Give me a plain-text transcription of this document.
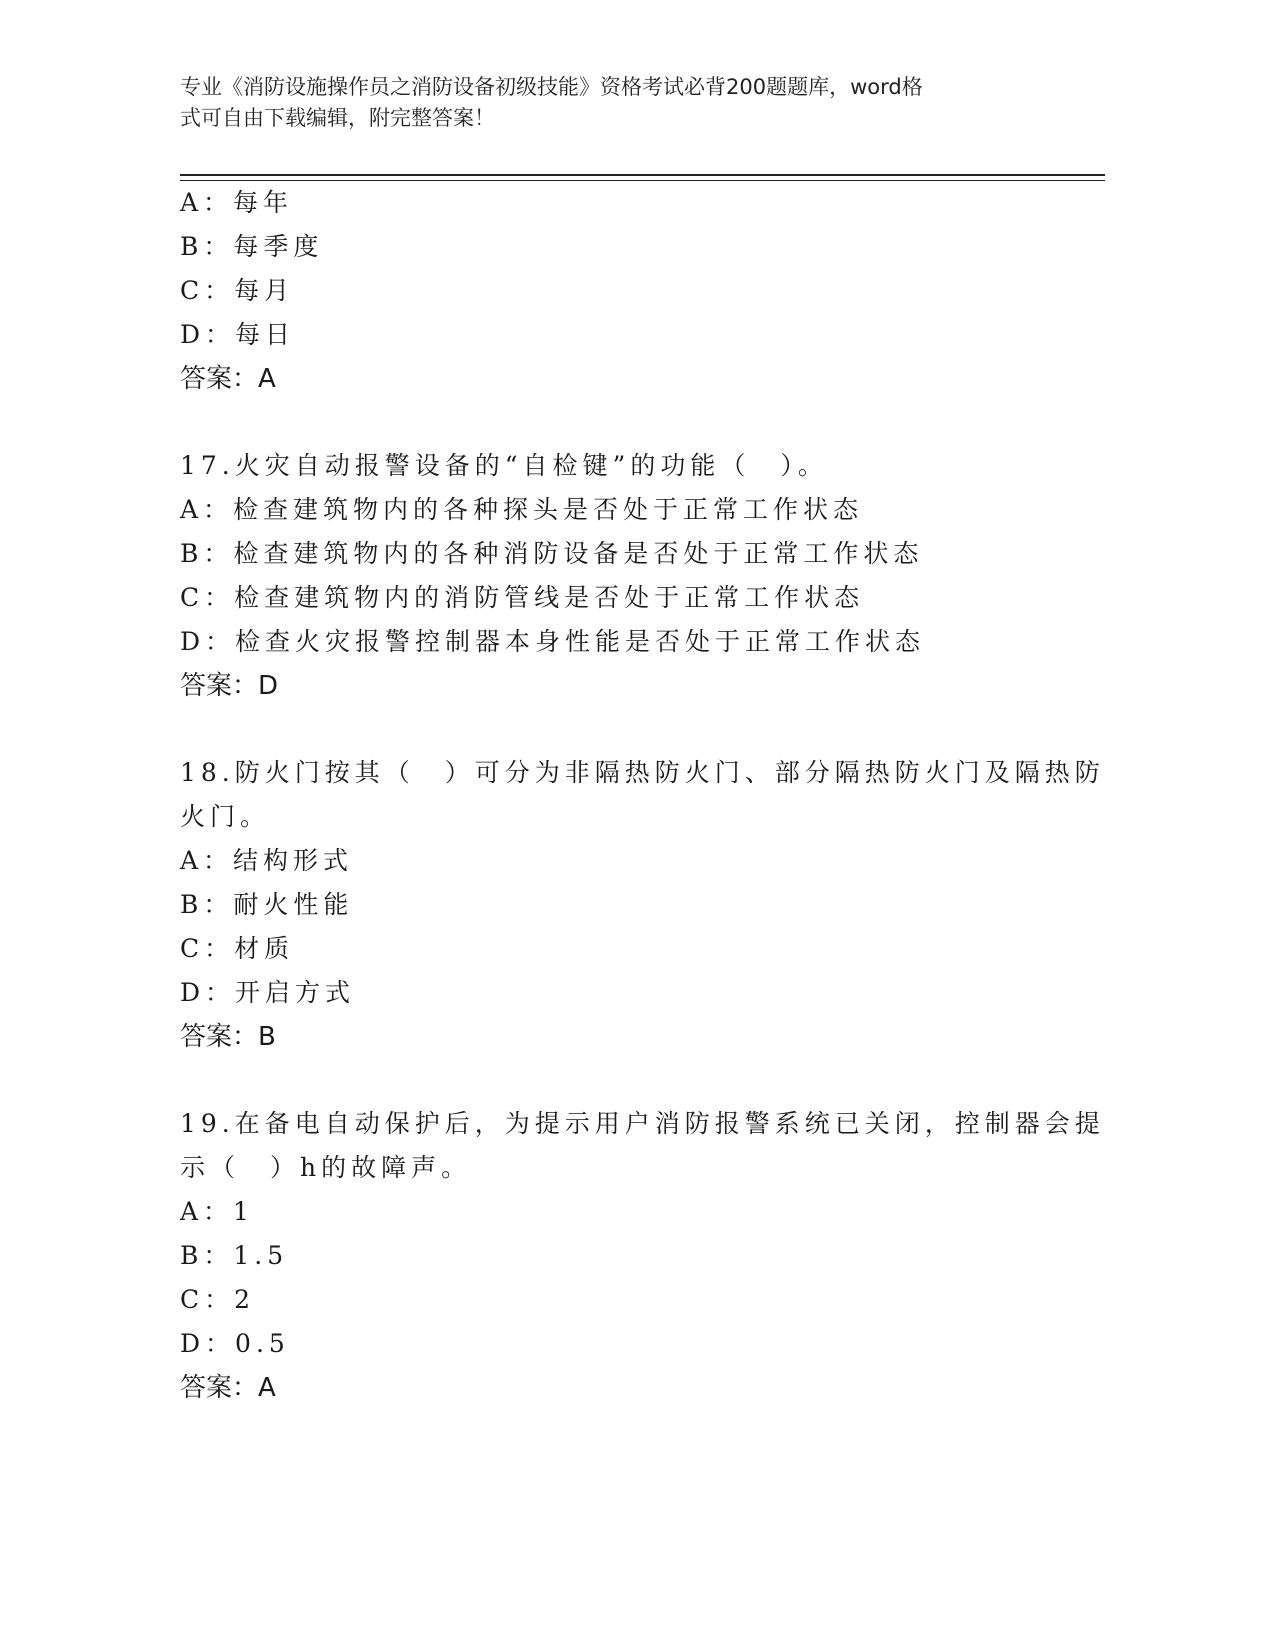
专业《消防设施操作员之消防设备初级技能》资格考试必背200题题库，word格
式可自由下载编辑，附完整答案！
A：每年
B：每季度
C：每月
D：每日
答案：A
17.火灾自动报警设备的“自检键”的功能（　）。
A：检查建筑物内的各种探头是否处于正常工作状态
B：检查建筑物内的各种消防设备是否处于正常工作状态
C：检查建筑物内的消防管线是否处于正常工作状态
D：检查火灾报警控制器本身性能是否处于正常工作状态
答案：D
18.防火门按其（　）可分为非隔热防火门、部分隔热防火门及隔热防
火门。
A：结构形式
B：耐火性能
C：材质
D：开启方式
答案：B
19.在备电自动保护后，为提示用户消防报警系统已关闭，控制器会提
示（　）h的故障声。
A：1
B：1.5
C：2
D：0.5
答案：A
